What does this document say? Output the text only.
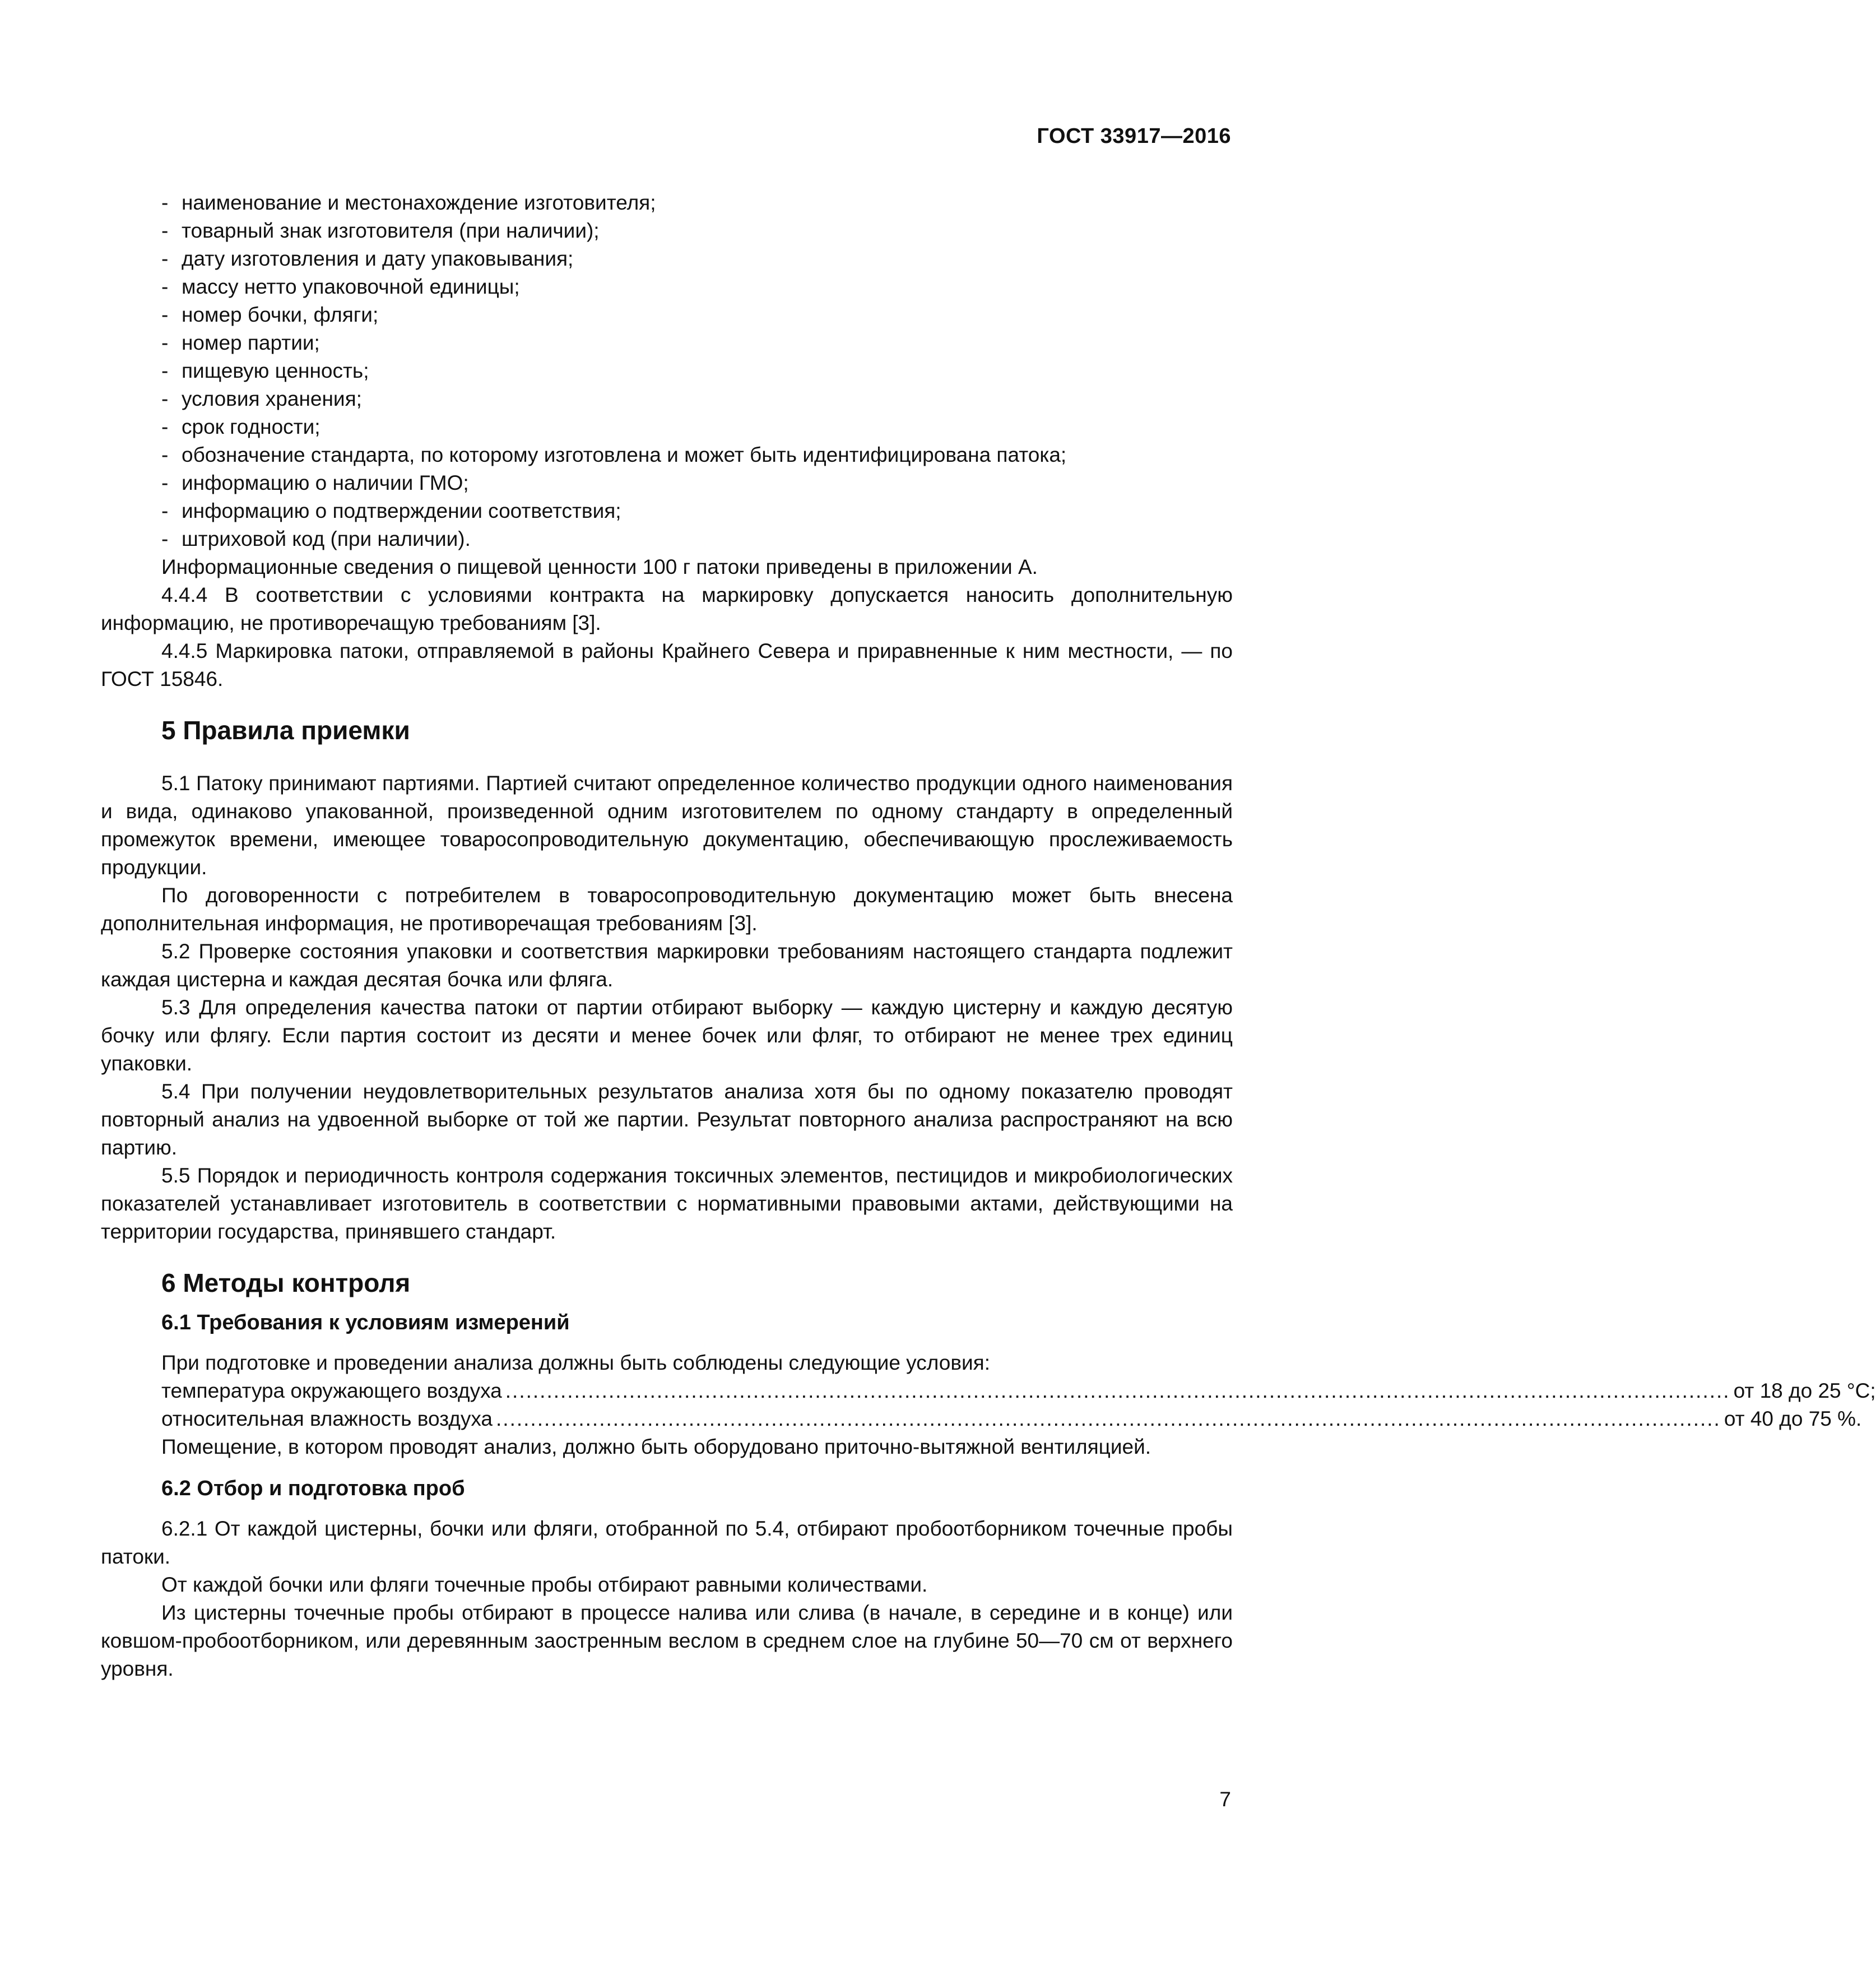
ГОСТ 33917—2016

- наименование и местонахождение изготовителя;

- товарный знак изготовителя (при наличии);

- дату изготовления и дату упаковывания;

- массу нетто упаковочной единицы;

- номер бочки, фляги;

- номер партии;

- пищевую ценность;

- условия хранения;

- срок годности;

- обозначение стандарта, по которому изготовлена и может быть идентифицирована патока;

- информацию о наличии ГМО;

- информацию о подтверждении соответствия;

- штриховой код (при наличии).

Информационные сведения о пищевой ценности 100 г патоки приведены в приложении А.

4.4.4 В соответствии с условиями контракта на маркировку допускается наносить дополнительную информацию, не противоречащую требованиям [3].

4.4.5 Маркировка патоки, отправляемой в районы Крайнего Севера и приравненные к ним местности, — по ГОСТ 15846.

5 Правила приемки

5.1 Патоку принимают партиями. Партией считают определенное количество продукции одного наименования и вида, одинаково упакованной, произведенной одним изготовителем по одному стандарту в определенный промежуток времени, имеющее товаросопроводительную документацию, обеспечивающую прослеживаемость продукции.

По договоренности с потребителем в товаросопроводительную документацию может быть внесена дополнительная информация, не противоречащая требованиям [3].

5.2 Проверке состояния упаковки и соответствия маркировки требованиям настоящего стандарта подлежит каждая цистерна и каждая десятая бочка или фляга.

5.3 Для определения качества патоки от партии отбирают выборку — каждую цистерну и каждую десятую бочку или флягу. Если партия состоит из десяти и менее бочек или фляг, то отбирают не менее трех единиц упаковки.

5.4 При получении неудовлетворительных результатов анализа хотя бы по одному показателю проводят повторный анализ на удвоенной выборке от той же партии. Результат повторного анализа распространяют на всю партию.

5.5 Порядок и периодичность контроля содержания токсичных элементов, пестицидов и микробиологических показателей устанавливает изготовитель в соответствии с нормативными правовыми актами, действующими на территории государства, принявшего стандарт.

6 Методы контроля
6.1 Требования к условиям измерений

При подготовке и проведении анализа должны быть соблюдены следующие условия:

температура окружающего воздуха .................................................................................................................................................................................. от 18 до 25 °С;
относительная влажность воздуха .................................................................................................................................................................................. от 40 до 75 %.

Помещение, в котором проводят анализ, должно быть оборудовано приточно-вытяжной вентиляцией.

6.2 Отбор и подготовка проб

6.2.1 От каждой цистерны, бочки или фляги, отобранной по 5.4, отбирают пробоотборником точечные пробы патоки.

От каждой бочки или фляги точечные пробы отбирают равными количествами.

Из цистерны точечные пробы отбирают в процессе налива или слива (в начале, в середине и в конце) или ковшом-пробоотборником, или деревянным заостренным веслом в среднем слое на глубине 50—70 см от верхнего уровня.

7
